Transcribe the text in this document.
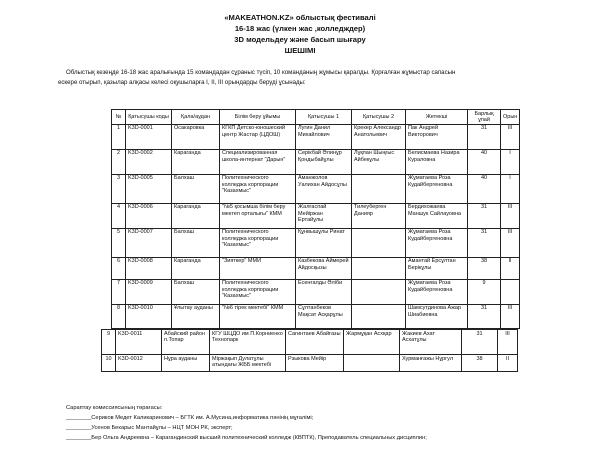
«MAKEATHON.KZ» облыстық фестивалі
16-18 жас (үлкен жас ,колледждер)
3D модельдеу және басып шығару
ШЕШІМІ
Облыстық кезеңде 16-18 жас аралығында 15 командадан сұраныс түсіп, 10 команданың жұмысы қаралды. Қорғалған жұмыстар сапасын
ескере отырып, қазылар алқасы келесі оқушыларға I, II, III орындарды беруді ұсынады:
№	Қатысушы коды	Қала/аудан	Білім беру ұйымы	Қатысушы 1	Қатысушы 2	Жетекші	Барлық ұпай	Орын
1	K3D-0001	Осакаровка	КГКП Детско-юношеский центр Жастар (ЦДОШ)	Лугин Данил Михайлович	Крекер Александр Анатольевич	Пак Андрей Викторович	31	III
2	K3D-0002	Караганда	Специализированная школа-интернат "Дарын"	Серікбай Әлинұр Қондыбайұлы	Лұқпан Шыңғыс Айбекұлы	Белисмаева Назира Кураловна	40	I
3	K3D-0005	Балхаш	Политехнического колледжа корпорации "Казахмыс"	Аманжолов Уалихан Айдосұлы		Жұматаева Роза Кудайбергеновна	40	I
4	K3D-0006	Караганда	"№5 қосымша білім беру мектеп орталығы" КММ	Жалғаспай Мейіржан Ертайұлы	Тилеуберген Данияр	Бердихожаева Маншук Сайлауовна	31	III
5	K3D-0007	Балхаш	Политехнического колледжа корпорации "Казахмыс"	Құнвышұлы Ринат		Жұматаева Роза Кудайбергеновна	31	III
6	K3D-0008	Караганда	"Зияткер" ММИ	Казбекова Аймерей Айдосқызы		Амантай Ерсұлтан Берікұлы	38	II
7	K3D-0009	Балхаш	Политехнического колледжа корпорации "Казахмыс"	Есенғалды Әліби		Жұматаева Роза Кудайбергеновна	9	
8	K3D-0010	Ұлытау ауданы	"№6 тірек мектебі" КММ	Сұлтанбеков Мақсат Асқарұлы		Шамсутдинова Ажар Шиабиевна	31	III
9	K3D-0011	Абайский район п.Топар	КГУ ШЦДО им П.Корниенко Технопарк	Сагинтаев Абайғазы	Жармұқан Асхқар	Жакиев Ахат Асхатұлы	31	III
10	K3D-0012	Нұра ауданы	Міржақып Дулатұлы атындағы ЖББ мектебі	Рзыкова Мейір		Хурманғажы Нұргул	38	II
Сараптау комиссиясының төрағасы:
________Сериков Медет Каликаринович – БГТК им. А.Мусина,информатика пәнінің мұғалімі;
________Усенов Бекарыс Мантайұлы – НЦТ МОН РК, эксперт;
________Бер Ольга Андреевна – Карагандинский высший политехнический колледж (КВПТК), Преподаватель специальных дисциплин;
